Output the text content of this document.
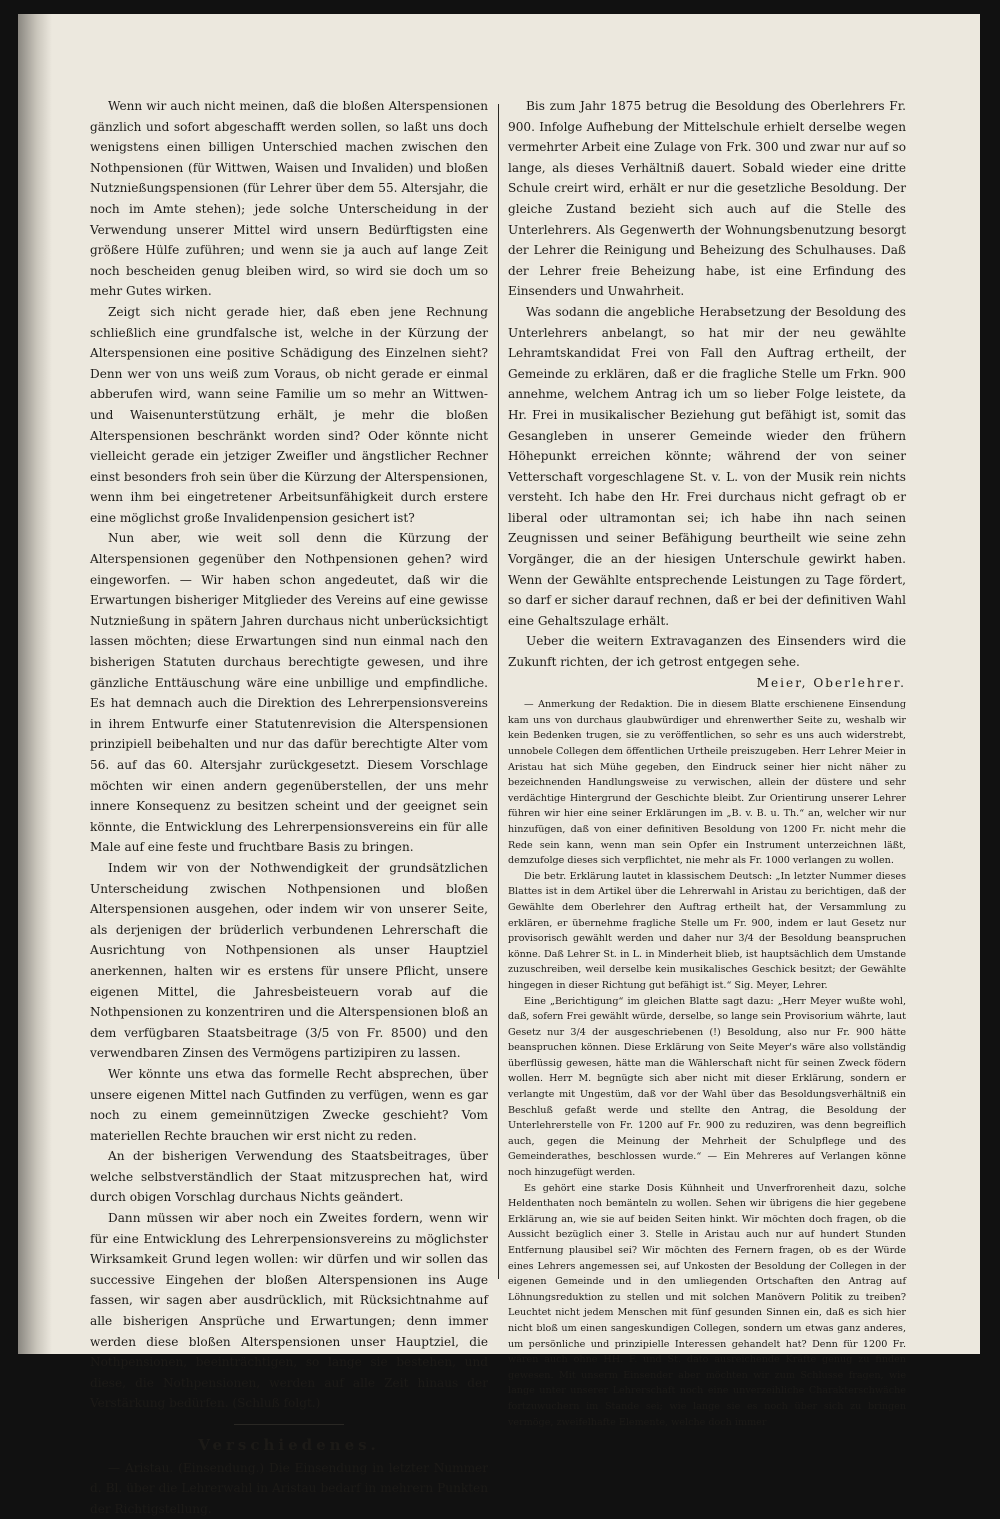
Wenn wir auch nicht meinen, daß die bloßen Alterspensionen gänzlich und sofort abgeschafft werden sollen, so laßt uns doch wenigstens einen billigen Unterschied machen zwischen den Nothpensionen (für Wittwen, Waisen und Invaliden) und bloßen Nutznießungspensionen (für Lehrer über dem 55. Altersjahr, die noch im Amte stehen); jede solche Unterscheidung in der Verwendung unserer Mittel wird unsern Bedürftigsten eine größere Hülfe zuführen; und wenn sie ja auch auf lange Zeit noch bescheiden genug bleiben wird, so wird sie doch um so mehr Gutes wirken.

Zeigt sich nicht gerade hier, daß eben jene Rechnung schließlich eine grundfalsche ist, welche in der Kürzung der Alterspensionen eine positive Schädigung des Einzelnen sieht? Denn wer von uns weiß zum Voraus, ob nicht gerade er einmal abberufen wird, wann seine Familie um so mehr an Wittwen- und Waisenunterstützung erhält, je mehr die bloßen Alterspensionen beschränkt worden sind? Oder könnte nicht vielleicht gerade ein jetziger Zweifler und ängstlicher Rechner einst besonders froh sein über die Kürzung der Alterspensionen, wenn ihm bei eingetretener Arbeitsunfähigkeit durch erstere eine möglichst große Invalidenpension gesichert ist?

Nun aber, wie weit soll denn die Kürzung der Alterspensionen gegenüber den Nothpensionen gehen? wird eingeworfen. — Wir haben schon angedeutet, daß wir die Erwartungen bisheriger Mitglieder des Vereins auf eine gewisse Nutznießung in spätern Jahren durchaus nicht unberücksichtigt lassen möchten; diese Erwartungen sind nun einmal nach den bisherigen Statuten durchaus berechtigte gewesen, und ihre gänzliche Enttäuschung wäre eine unbillige und empfindliche. Es hat demnach auch die Direktion des Lehrerpensionsvereins in ihrem Entwurfe einer Statutenrevision die Alterspensionen prinzipiell beibehalten und nur das dafür berechtigte Alter vom 56. auf das 60. Altersjahr zurückgesetzt. Diesem Vorschlage möchten wir einen andern gegenüberstellen, der uns mehr innere Konsequenz zu besitzen scheint und der geeignet sein könnte, die Entwicklung des Lehrerpensionsvereins ein für alle Male auf eine feste und fruchtbare Basis zu bringen.

Indem wir von der Nothwendigkeit der grundsätzlichen Unterscheidung zwischen Nothpensionen und bloßen Alterspensionen ausgehen, oder indem wir von unserer Seite, als derjenigen der brüderlich verbundenen Lehrerschaft die Ausrichtung von Nothpensionen als unser Hauptziel anerkennen, halten wir es erstens für unsere Pflicht, unsere eigenen Mittel, die Jahresbeisteuern vorab auf die Nothpensionen zu konzentriren und die Alterspensionen bloß an dem verfügbaren Staatsbeitrage (3/5 von Fr. 8500) und den verwendbaren Zinsen des Vermögens partizipiren zu lassen.

Wer könnte uns etwa das formelle Recht absprechen, über unsere eigenen Mittel nach Gutfinden zu verfügen, wenn es gar noch zu einem gemeinnützigen Zwecke geschieht? Vom materiellen Rechte brauchen wir erst nicht zu reden.

An der bisherigen Verwendung des Staatsbeitrages, über welche selbstverständlich der Staat mitzusprechen hat, wird durch obigen Vorschlag durchaus Nichts geändert.

Dann müssen wir aber noch ein Zweites fordern, wenn wir für eine Entwicklung des Lehrerpensionsvereins zu möglichster Wirksamkeit Grund legen wollen: wir dürfen und wir sollen das successive Eingehen der bloßen Alterspensionen ins Auge fassen, wir sagen aber ausdrücklich, mit Rücksichtnahme auf alle bisherigen Ansprüche und Erwartungen; denn immer werden diese bloßen Alterspensionen unser Hauptziel, die Nothpensionen, beeinträchtigen, so lange sie bestehen, und diese, die Nothpensionen, werden auf alle Zeit hinaus der Verstärkung bedürfen. (Schluß folgt.)

Verschiedenes.

— Aristau. (Einsendung.) Die Einsendung in letzter Nummer d. Bl. über die Lehrerwahl in Aristau bedarf in mehrern Punkten der Richtigstellung.

Bis zum Jahr 1875 betrug die Besoldung des Oberlehrers Fr. 900. Infolge Aufhebung der Mittelschule erhielt derselbe wegen vermehrter Arbeit eine Zulage von Frk. 300 und zwar nur auf so lange, als dieses Verhältniß dauert. Sobald wieder eine dritte Schule creirt wird, erhält er nur die gesetzliche Besoldung. Der gleiche Zustand bezieht sich auch auf die Stelle des Unterlehrers. Als Gegenwerth der Wohnungsbenutzung besorgt der Lehrer die Reinigung und Beheizung des Schulhauses. Daß der Lehrer freie Beheizung habe, ist eine Erfindung des Einsenders und Unwahrheit.

Was sodann die angebliche Herabsetzung der Besoldung des Unterlehrers anbelangt, so hat mir der neu gewählte Lehramtskandidat Frei von Fall den Auftrag ertheilt, der Gemeinde zu erklären, daß er die fragliche Stelle um Frkn. 900 annehme, welchem Antrag ich um so lieber Folge leistete, da Hr. Frei in musikalischer Beziehung gut befähigt ist, somit das Gesangleben in unserer Gemeinde wieder den frühern Höhepunkt erreichen könnte; während der von seiner Vetterschaft vorgeschlagene St. v. L. von der Musik rein nichts versteht. Ich habe den Hr. Frei durchaus nicht gefragt ob er liberal oder ultramontan sei; ich habe ihn nach seinen Zeugnissen und seiner Befähigung beurtheilt wie seine zehn Vorgänger, die an der hiesigen Unterschule gewirkt haben. Wenn der Gewählte entsprechende Leistungen zu Tage fördert, so darf er sicher darauf rechnen, daß er bei der definitiven Wahl eine Gehaltszulage erhält.

Ueber die weitern Extravaganzen des Einsenders wird die Zukunft richten, der ich getrost entgegen sehe.

Meier, Oberlehrer.

— Anmerkung der Redaktion. Die in diesem Blatte erschienene Einsendung kam uns von durchaus glaubwürdiger und ehrenwerther Seite zu, weshalb wir kein Bedenken trugen, sie zu veröffentlichen, so sehr es uns auch widerstrebt, unnobele Collegen dem öffentlichen Urtheile preiszugeben. Herr Lehrer Meier in Aristau hat sich Mühe gegeben, den Eindruck seiner hier nicht näher zu bezeichnenden Handlungsweise zu verwischen, allein der düstere und sehr verdächtige Hintergrund der Geschichte bleibt. Zur Orientirung unserer Lehrer führen wir hier eine seiner Erklärungen im „B. v. B. u. Th.“ an, welcher wir nur hinzufügen, daß von einer definitiven Besoldung von 1200 Fr. nicht mehr die Rede sein kann, wenn man sein Opfer ein Instrument unterzeichnen läßt, demzufolge dieses sich verpflichtet, nie mehr als Fr. 1000 verlangen zu wollen.

Die betr. Erklärung lautet in klassischem Deutsch: „In letzter Nummer dieses Blattes ist in dem Artikel über die Lehrerwahl in Aristau zu berichtigen, daß der Gewählte dem Oberlehrer den Auftrag ertheilt hat, der Versammlung zu erklären, er übernehme fragliche Stelle um Fr. 900, indem er laut Gesetz nur provisorisch gewählt werden und daher nur 3/4 der Besoldung beanspruchen könne. Daß Lehrer St. in L. in Minderheit blieb, ist hauptsächlich dem Umstande zuzuschreiben, weil derselbe kein musikalisches Geschick besitzt; der Gewählte hingegen in dieser Richtung gut befähigt ist.“ Sig. Meyer, Lehrer.

Eine „Berichtigung“ im gleichen Blatte sagt dazu: „Herr Meyer wußte wohl, daß, sofern Frei gewählt würde, derselbe, so lange sein Provisorium währte, laut Gesetz nur 3/4 der ausgeschriebenen (!) Besoldung, also nur Fr. 900 hätte beanspruchen können. Diese Erklärung von Seite Meyer's wäre also vollständig überflüssig gewesen, hätte man die Wählerschaft nicht für seinen Zweck födern wollen. Herr M. begnügte sich aber nicht mit dieser Erklärung, sondern er verlangte mit Ungestüm, daß vor der Wahl über das Besoldungsverhältniß ein Beschluß gefaßt werde und stellte den Antrag, die Besoldung der Unterlehrerstelle von Fr. 1200 auf Fr. 900 zu reduziren, was denn begreiflich auch, gegen die Meinung der Mehrheit der Schulpflege und des Gemeinderathes, beschlossen wurde.“ — Ein Mehreres auf Verlangen könne noch hinzugefügt werden.

Es gehört eine starke Dosis Kühnheit und Unverfrorenheit dazu, solche Heldenthaten noch bemänteln zu wollen. Sehen wir übrigens die hier gegebene Erklärung an, wie sie auf beiden Seiten hinkt. Wir möchten doch fragen, ob die Aussicht bezüglich einer 3. Stelle in Aristau auch nur auf hundert Stunden Entfernung plausibel sei? Wir möchten des Fernern fragen, ob es der Würde eines Lehrers angemessen sei, auf Unkosten der Besoldung der Collegen in der eigenen Gemeinde und in den umliegenden Ortschaften den Antrag auf Löhnungsreduktion zu stellen und mit solchen Manövern Politik zu treiben? Leuchtet nicht jedem Menschen mit fünf gesunden Sinnen ein, daß es sich hier nicht bloß um einen sangeskundigen Collegen, sondern um etwas ganz anderes, um persönliche und prinzipielle Interessen gehandelt hat? Denn für 1200 Fr. wären auch ohne HH. F. und St. dato ausreichende Kräfte genug zu finden gewesen. Mit unserm Einsender aber möchten wir zum Schlusse fragen, wie lange unter unserer Lehrerschaft noch eine unverzeihliche Charakterschwäche fortzuwuchern im Stande sei; wie lange sie es noch über sich zu bringen vermöge, zweifelhafte Elemente, welche doch immer
